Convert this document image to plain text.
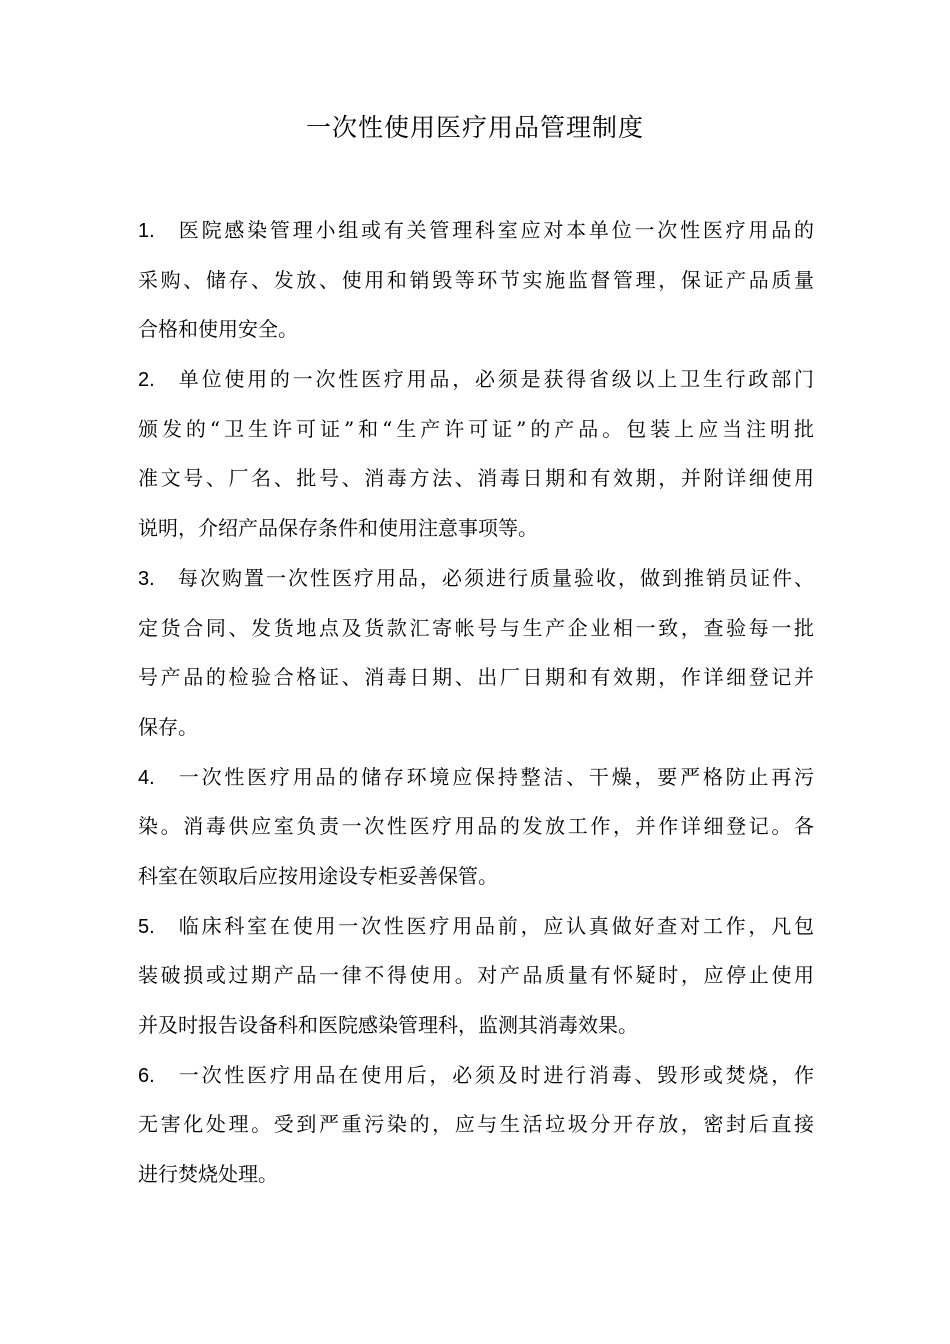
一次性使用医疗用品管理制度
1. 医院感染管理小组或有关管理科室应对本单位一次性医疗用品的
采购、储存、发放、使用和销毁等环节实施监督管理，保证产品质量
合格和使用安全。
2. 单位使用的一次性医疗用品，必须是获得省级以上卫生行政部门
颁发的“卫生许可证”和“生产许可证”的产品。包装上应当注明批
准文号、厂名、批号、消毒方法、消毒日期和有效期，并附详细使用
说明，介绍产品保存条件和使用注意事项等。
3. 每次购置一次性医疗用品，必须进行质量验收，做到推销员证件、
定货合同、发货地点及货款汇寄帐号与生产企业相一致，查验每一批
号产品的检验合格证、消毒日期、出厂日期和有效期，作详细登记并
保存。
4. 一次性医疗用品的储存环境应保持整洁、干燥，要严格防止再污
染。消毒供应室负责一次性医疗用品的发放工作，并作详细登记。各
科室在领取后应按用途设专柜妥善保管。
5. 临床科室在使用一次性医疗用品前，应认真做好查对工作，凡包
装破损或过期产品一律不得使用。对产品质量有怀疑时，应停止使用
并及时报告设备科和医院感染管理科，监测其消毒效果。
6. 一次性医疗用品在使用后，必须及时进行消毒、毁形或焚烧，作
无害化处理。受到严重污染的，应与生活垃圾分开存放，密封后直接
进行焚烧处理。
